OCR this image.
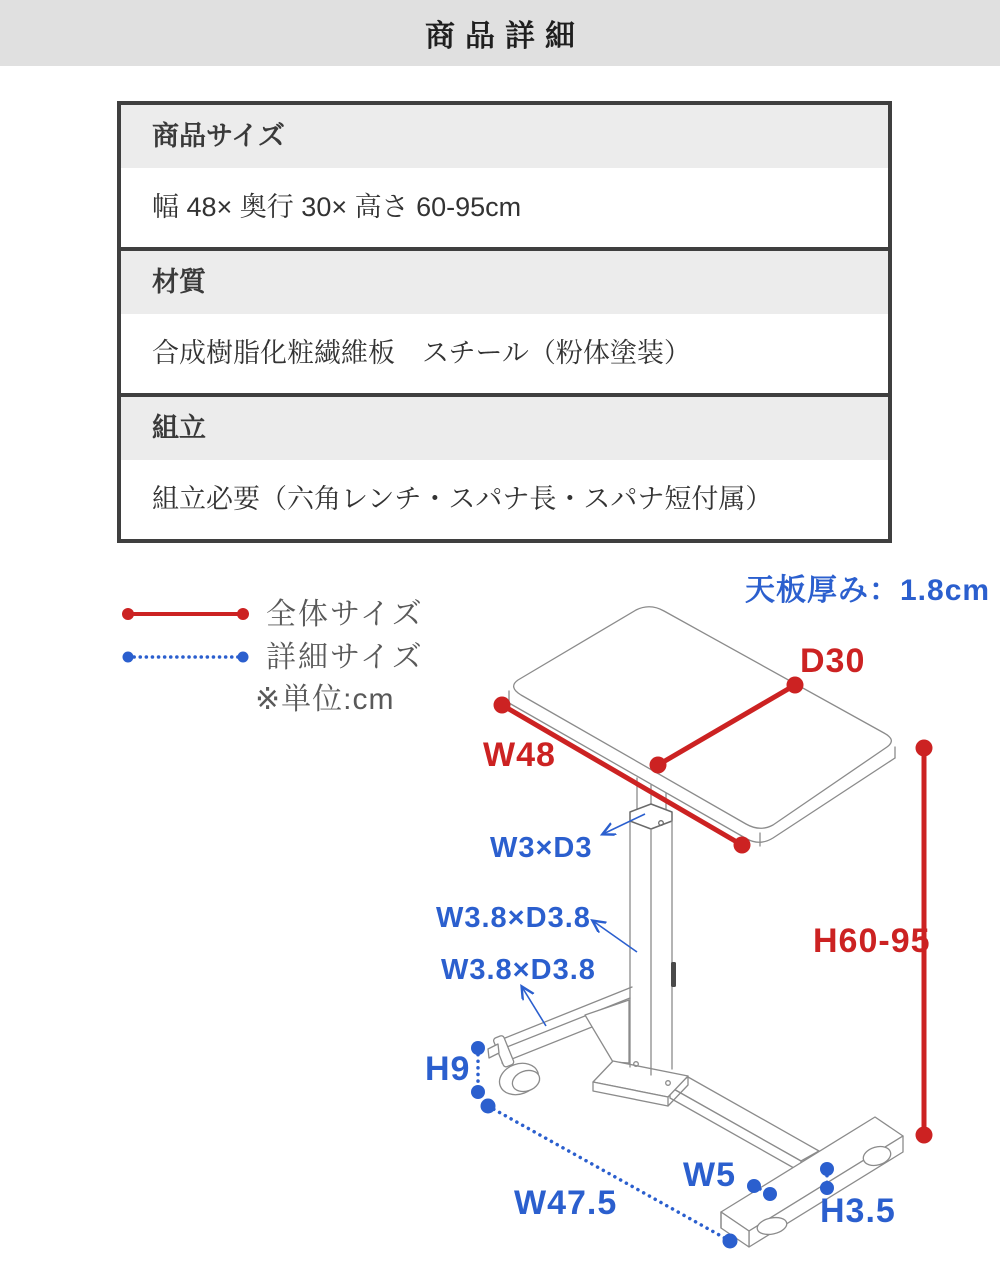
商品詳細
商品サイズ
幅 48× 奥行 30× 高さ 60-95cm
材質
合成樹脂化粧繊維板　スチール（粉体塗装）
組立
組立必要（六角レンチ・スパナ長・スパナ短付属）
全体サイズ
詳細サイズ
※単位:cm
天板厚み：1.8cm
D30
W48
H60-95
W3×D3
W3.8×D3.8
W3.8×D3.8
H9
W47.5
W5
H3.5
